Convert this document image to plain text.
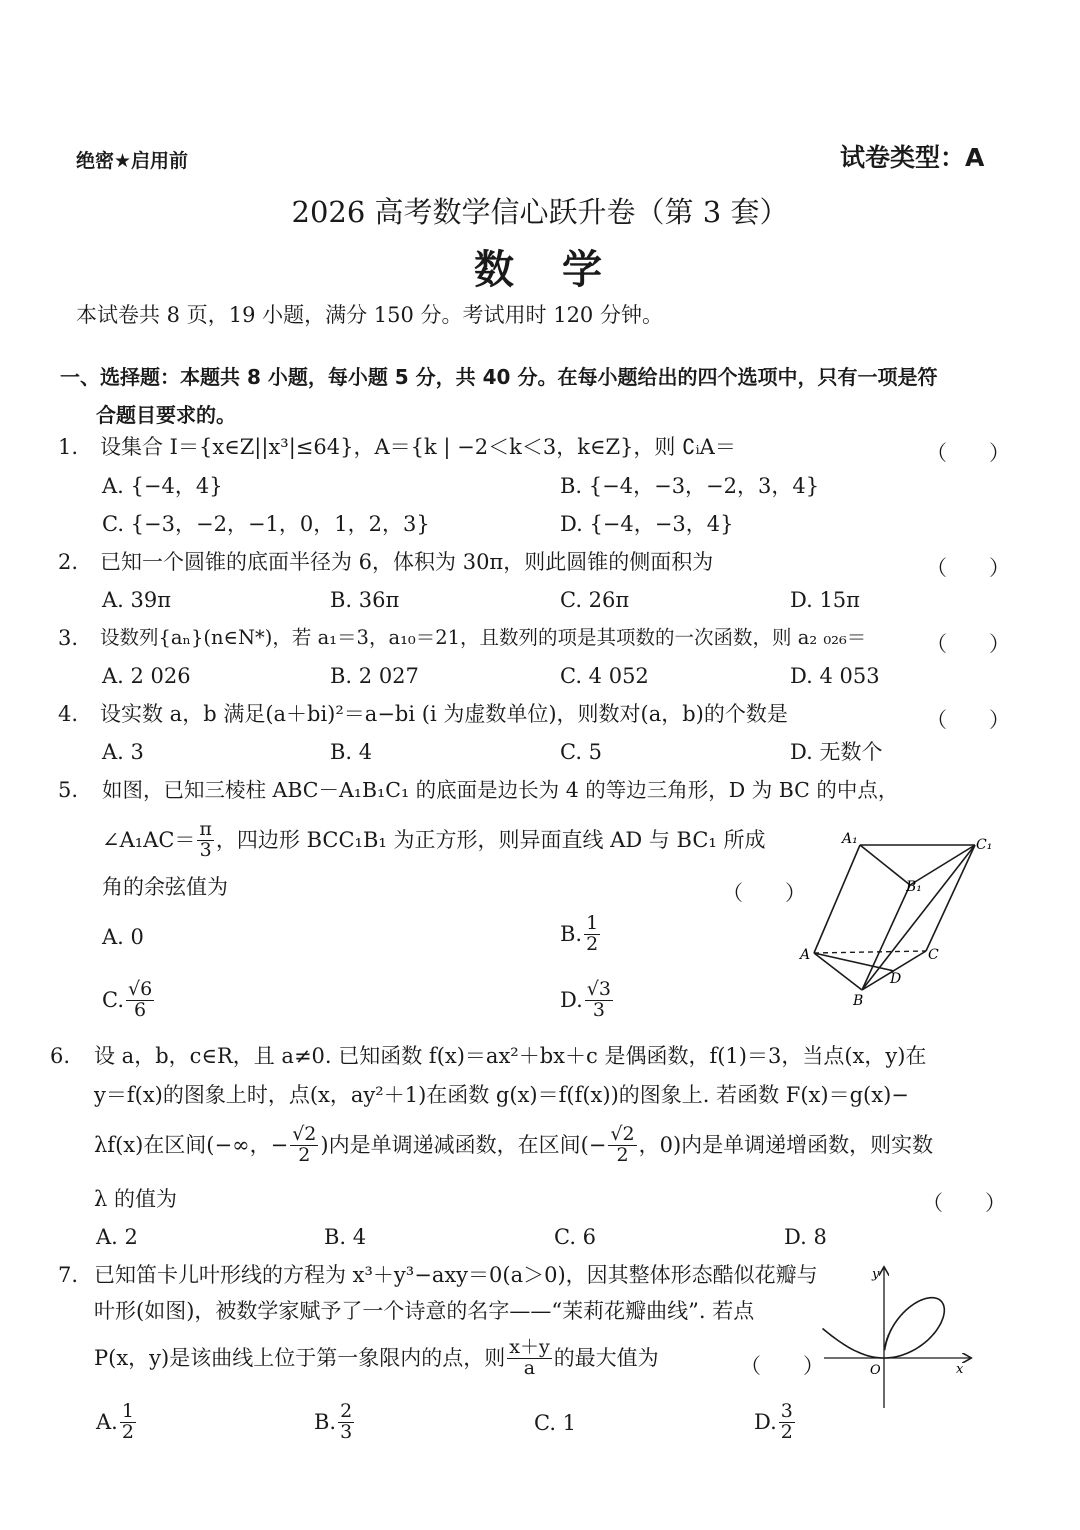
绝密★启用前	试卷类型：A
2026 高考数学信心跃升卷（第 3 套）
数　学
本试卷共 8 页，19 小题，满分 150 分。考试用时 120 分钟。
一、选择题：本题共 8 小题，每小题 5 分，共 40 分。在每小题给出的四个选项中，只有一项是符
合题目要求的。
1.	设集合 I＝{x∈Z||x³|≤64}，A＝{k | −2＜k＜3，k∈Z}，则 ∁ᵢA＝	（　　）
A. {−4，4}	B. {−4，−3，−2，3，4}
C. {−3，−2，−1，0，1，2，3}	D. {−4，−3，4}
2.	已知一个圆锥的底面半径为 6，体积为 30π，则此圆锥的侧面积为	（　　）
A. 39π	B. 36π	C. 26π	D. 15π
3.	设数列{aₙ}(n∈N*)，若 a₁＝3，a₁₀＝21，且数列的项是其项数的一次函数，则 a₂ ₀₂₆＝	（　　）
A. 2 026	B. 2 027	C. 4 052	D. 4 053
4.	设实数 a，b 满足(a＋bi)²＝a−bi (i 为虚数单位)，则数对(a，b)的个数是	（　　）
A. 3	B. 4	C. 5	D. 无数个
5.	如图，已知三棱柱 ABC－A₁B₁C₁ 的底面是边长为 4 的等边三角形，D 为 BC 的中点，
∠A₁AC＝ $\frac{\pi}{3}$ ，四边形 BCC₁B₁ 为正方形，则异面直线 AD 与 BC₁ 所成
角的余弦值为	（　　）
A. 0	B. $\frac{1}{2}$
C. $\frac{√6}{6}$	D. $\frac{√3}{3}$
A₁	C₁
B₁
A	C
D
B
6.	设 a，b，c∈R，且 a≠0. 已知函数 f(x)＝ax²＋bx＋c 是偶函数，f(1)＝3，当点(x，y)在
y＝f(x)的图象上时，点(x，ay²＋1)在函数 g(x)＝f(f(x))的图象上. 若函数 F(x)＝g(x)−
λf(x)在区间(−∞，− $\frac{√2}{2}$ )内是单调递减函数，在区间(− $\frac{√2}{2}$ ，0)内是单调递增函数，则实数
λ 的值为	（　　）
A. 2	B. 4	C. 6	D. 8
7. 已知笛卡儿叶形线的方程为 x³＋y³−axy＝0(a＞0)，因其整体形态酷似花瓣与
叶形(如图)，被数学家赋予了一个诗意的名字——“茉莉花瓣曲线”. 若点
P(x，y)是该曲线上位于第一象限内的点，则 $\frac{x+y}{a}$ 的最大值为	（　　）
A. $\frac{1}{2}$	B. $\frac{2}{3}$	C. 1	D. $\frac{3}{2}$
y
x
O
